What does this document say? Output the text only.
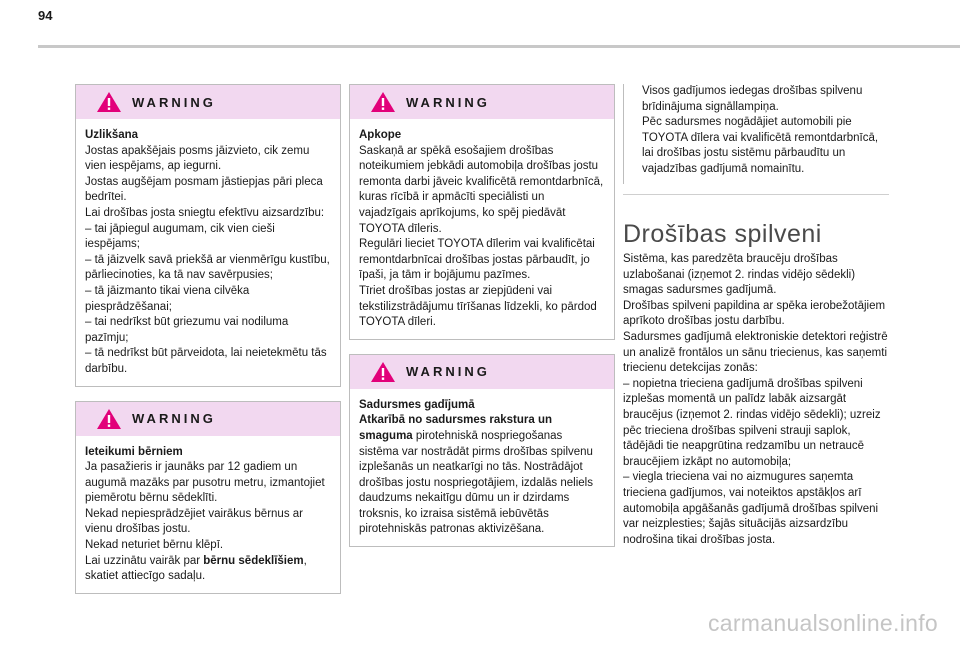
94
WARNING

Uzlikšana

Jostas apakšējais posms jāizvieto, cik zemu vien iespējams, ap iegurni.

Jostas augšējam posmam jāstiepjas pāri pleca bedrītei.

Lai drošības josta sniegtu efektīvu aizsardzību:

– tai jāpiegul augumam, cik vien cieši iespējams;

– tā jāizvelk savā priekšā ar vienmērīgu kustību, pārliecinoties, ka tā nav savērpusies;

– tā jāizmanto tikai viena cilvēka piesprādzēšanai;

– tai nedrīkst būt griezumu vai nodiluma pazīmju;

– tā nedrīkst būt pārveidota, lai neietekmētu tās darbību.

WARNING

Ieteikumi bērniem

Ja pasažieris ir jaunāks par 12 gadiem un augumā mazāks par pusotru metru, izmantojiet piemērotu bērnu sēdeklīti.

Nekad nepiesprādzējiet vairākus bērnus ar vienu drošības jostu.

Nekad neturiet bērnu klēpī.

Lai uzzinātu vairāk par bērnu sēdeklīšiem, skatiet attiecīgo sadaļu.

WARNING

Apkope

Saskaņā ar spēkā esošajiem drošības noteikumiem jebkādi automobiļa drošības jostu remonta darbi jāveic kvalificētā remontdarbnīcā, kuras rīcībā ir apmācīti speciālisti un vajadzīgais aprīkojums, ko spēj piedāvāt TOYOTA dīleris.

Regulāri lieciet TOYOTA dīlerim vai kvalificētai remontdarbnīcai drošības jostas pārbaudīt, jo īpaši, ja tām ir bojājumu pazīmes.

Tīriet drošības jostas ar ziepjūdeni vai tekstilizstrādājumu tīrīšanas līdzekli, ko pārdod TOYOTA dīleri.

WARNING

Sadursmes gadījumā

Atkarībā no sadursmes rakstura un smaguma pirotehniskā nospriegošanas sistēma var nostrādāt pirms drošības spilvenu izplešanās un neatkarīgi no tās. Nostrādājot drošības jostu nospriegotājiem, izdalās neliels daudzums nekaitīgu dūmu un ir dzirdams troksnis, ko izraisa sistēmā iebūvētās pirotehniskās patronas aktivizēšana.

Visos gadījumos iedegas drošības spilvenu brīdinājuma signāllampiņa.

Pēc sadursmes nogādājiet automobili pie TOYOTA dīlera vai kvalificētā remontdarbnīcā, lai drošības jostu sistēmu pārbaudītu un vajadzības gadījumā nomainītu.

Drošības spilveni

Sistēma, kas paredzēta braucēju drošības uzlabošanai (izņemot 2. rindas vidējo sēdekli) smagas sadursmes gadījumā.

Drošības spilveni papildina ar spēka ierobežotājiem aprīkoto drošības jostu darbību.

Sadursmes gadījumā elektroniskie detektori reģistrē un analizē frontālos un sānu triecienus, kas saņemti triecienu detekcijas zonās:

– nopietna trieciena gadījumā drošības spilveni izplešas momentā un palīdz labāk aizsargāt braucējus (izņemot 2. rindas vidējo sēdekli); uzreiz pēc trieciena drošības spilveni strauji saplok, tādējādi tie neapgrūtina redzamību un netraucē braucējiem izkāpt no automobiļa;

– viegla trieciena vai no aizmugures saņemta trieciena gadījumos, vai noteiktos apstākļos arī automobiļa apgāšanās gadījumā drošības spilveni var neizplesties; šajās situācijās aizsardzību nodrošina tikai drošības josta.

carmanualsonline.info
